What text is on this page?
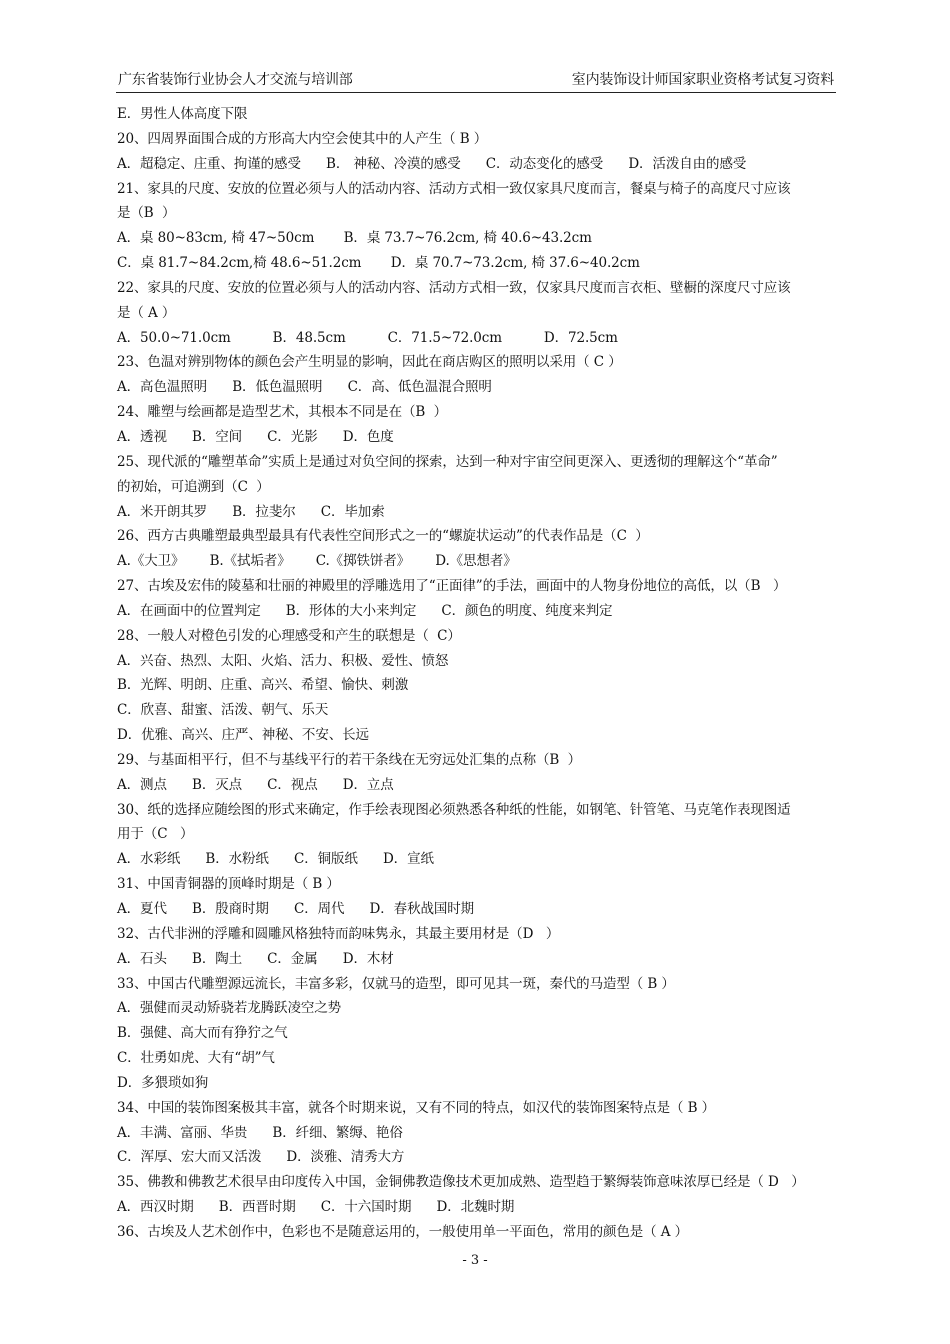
广东省装饰行业协会人才交流与培训部	室内装饰设计师国家职业资格考试复习资料
E．男性人体高度下限
20、四周界面围合成的方形高大内空会使其中的人产生（ B ）
A．超稳定、庄重、拘谨的感受      B． 神秘、冷漠的感受      C．动态变化的感受      D．活泼自由的感受
21、家具的尺度、安放的位置必须与人的活动内容、活动方式相一致仅家具尺度而言，餐桌与椅子的高度尺寸应该
是（B  ）
A．桌 80~83cm, 椅 47~50cm       B．桌 73.7~76.2cm, 椅 40.6~43.2cm
C．桌 81.7~84.2cm,椅 48.6~51.2cm       D．桌 70.7~73.2cm, 椅 37.6~40.2cm
22、家具的尺度、安放的位置必须与人的活动内容、活动方式相一致，仅家具尺度而言衣柜、壁橱的深度尺寸应该
是（ A ）
A．50.0~71.0cm          B．48.5cm          C．71.5~72.0cm          D．72.5cm
23、色温对辨别物体的颜色会产生明显的影响，因此在商店购区的照明以采用（ C ）
A．高色温照明      B．低色温照明      C．高、低色温混合照明
24、雕塑与绘画都是造型艺术，其根本不同是在（B  ）
A．透视      B．空间      C．光影      D．色度
25、现代派的“雕塑革命”实质上是通过对负空间的探索，达到一种对宇宙空间更深入、更透彻的理解这个“革命”
的初始，可追溯到（C  ）
A．米开朗其罗      B．拉斐尔      C．毕加索
26、西方古典雕塑最典型最具有代表性空间形式之一的“螺旋状运动”的代表作品是（C  ）
A.《大卫》      B.《拭垢者》      C.《掷铁饼者》      D.《思想者》
27、古埃及宏伟的陵墓和壮丽的神殿里的浮雕选用了“正面律”的手法，画面中的人物身份地位的高低，以（B   ）
A．在画面中的位置判定      B．形体的大小来判定      C．颜色的明度、纯度来判定
28、一般人对橙色引发的心理感受和产生的联想是（  C）
A．兴奋、热烈、太阳、火焰、活力、积极、爱性、愤怒
B．光辉、明朗、庄重、高兴、希望、愉快、刺激
C．欣喜、甜蜜、活泼、朝气、乐天
D．优雅、高兴、庄严、神秘、不安、长远
29、与基面相平行，但不与基线平行的若干条线在无穷远处汇集的点称（B  ）
A．测点      B．灭点      C．视点      D．立点
30、纸的选择应随绘图的形式来确定，作手绘表现图必须熟悉各种纸的性能，如钢笔、针管笔、马克笔作表现图适
用于（C   ）
A．水彩纸      B．水粉纸      C．铜版纸      D．宣纸
31、中国青铜器的顶峰时期是（ B ）
A．夏代      B．殷商时期      C．周代      D．春秋战国时期
32、古代非洲的浮雕和圆雕风格独特而韵味隽永，其最主要用材是（D   ）
A．石头      B．陶土      C．金属      D．木材
33、中国古代雕塑源远流长，丰富多彩，仅就马的造型，即可见其一斑，秦代的马造型（ B ）
A．强健而灵动矫骁若龙腾跃凌空之势
B．强健、高大而有狰狞之气
C．壮勇如虎、大有“胡”气
D．多猥琐如狗
34、中国的装饰图案极其丰富，就各个时期来说，又有不同的特点，如汉代的装饰图案特点是（ B ）
A．丰满、富丽、华贵      B．纤细、繁缛、艳俗
C．浑厚、宏大而又活泼      D．淡雅、清秀大方
35、佛教和佛教艺术很早由印度传入中国，金铜佛教造像技术更加成熟、造型趋于繁缛装饰意味浓厚已经是（ D   ）
A．西汉时期      B．西晋时期      C．十六国时期      D．北魏时期
36、古埃及人艺术创作中，色彩也不是随意运用的，一般使用单一平面色，常用的颜色是（ A ）
- 3 -
